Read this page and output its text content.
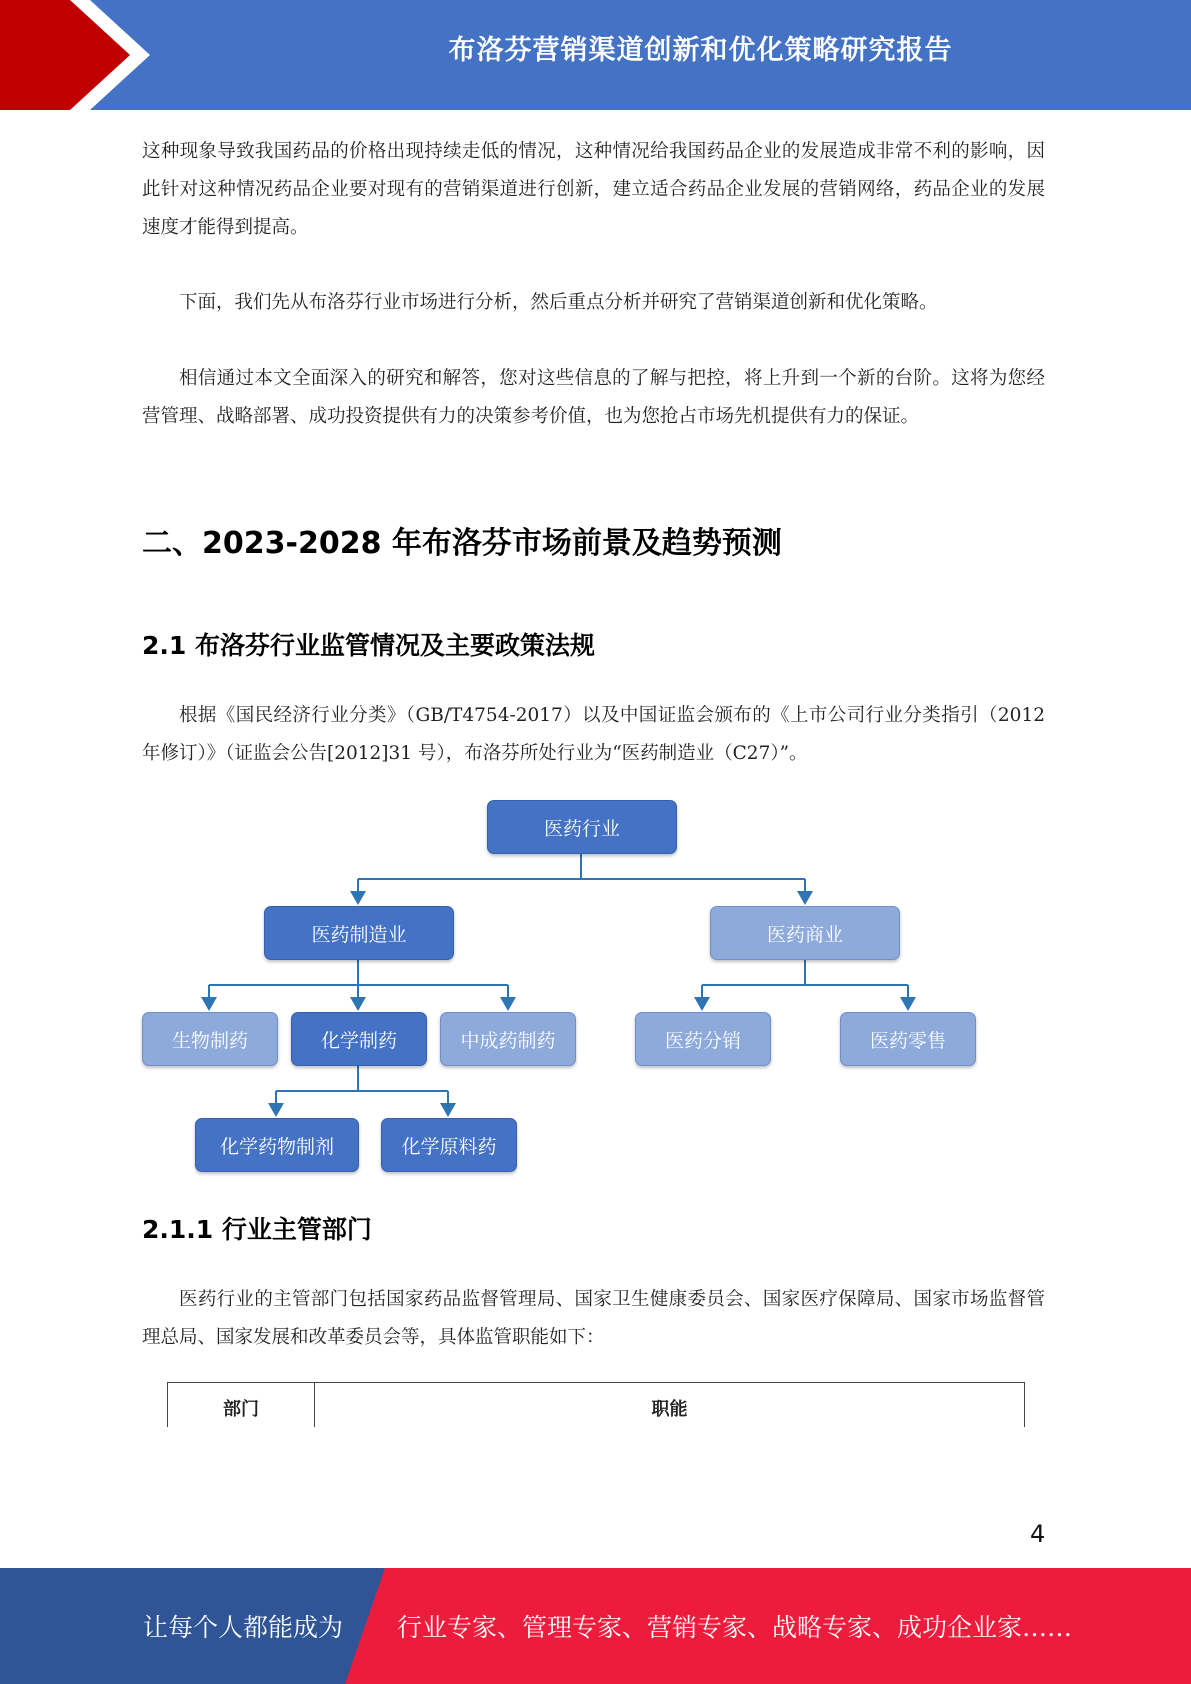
布洛芬营销渠道创新和优化策略研究报告

这种现象导致我国药品的价格出现持续走低的情况，这种情况给我国药品企业的发展造成非常不利的影响，因此针对这种情况药品企业要对现有的营销渠道进行创新，建立适合药品企业发展的营销网络，药品企业的发展速度才能得到提高。

下面，我们先从布洛芬行业市场进行分析，然后重点分析并研究了营销渠道创新和优化策略。

相信通过本文全面深入的研究和解答，您对这些信息的了解与把控，将上升到一个新的台阶。这将为您经营管理、战略部署、成功投资提供有力的决策参考价值，也为您抢占市场先机提供有力的保证。

二、2023-2028 年布洛芬市场前景及趋势预测
2.1 布洛芬行业监管情况及主要政策法规

根据《国民经济行业分类》（GB/T4754-2017）以及中国证监会颁布的《上市公司行业分类指引（2012 年修订）》（证监会公告[2012]31 号），布洛芬所处行业为“医药制造业（C27）”。

医药行业
医药制造业	医药商业
生物制药	化学制药	中成药制药	医药分销	医药零售
化学药物制剂	化学原料药
2.1.1 行业主管部门

医药行业的主管部门包括国家药品监督管理局、国家卫生健康委员会、国家医疗保障局、国家市场监督管理总局、国家发展和改革委员会等，具体监管职能如下：

部门	职能
4
让每个人都能成为 行业专家、管理专家、营销专家、战略专家、成功企业家……
